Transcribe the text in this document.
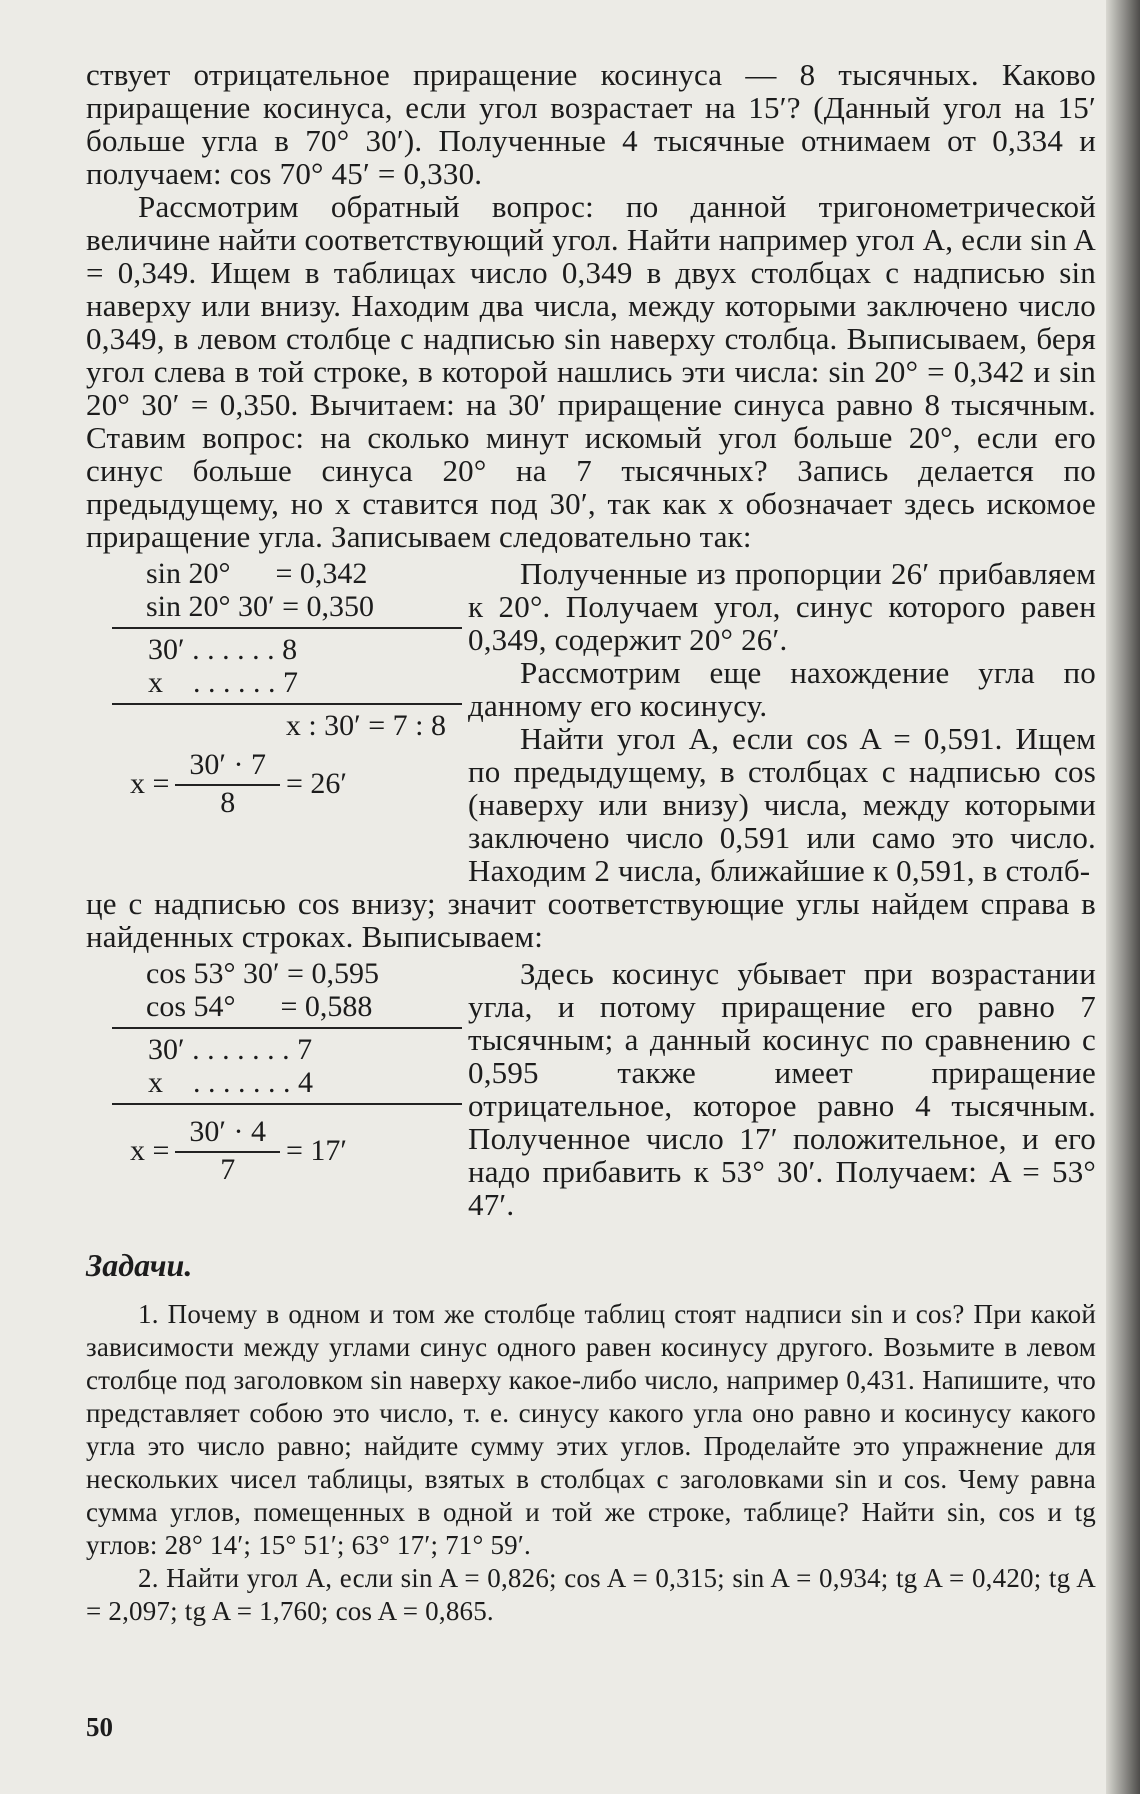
ствует отрицательное приращение косинуса — 8 тысячных. Каково приращение косинуса, если угол возрастает на 15′? (Данный угол на 15′ больше угла в 70° 30′). Полученные 4 тысячные отнимаем от 0,334 и получаем: cos 70° 45′ = 0,330.

Рассмотрим обратный вопрос: по данной тригонометрической величине найти соответствующий угол. Найти например угол A, если sin A = 0,349. Ищем в таблицах число 0,349 в двух столбцах с надписью sin наверху или внизу. Находим два числа, между которыми заключено число 0,349, в левом столбце с надписью sin наверху столбца. Выписываем, беря угол слева в той строке, в которой нашлись эти числа: sin 20° = 0,342 и sin 20° 30′ = 0,350. Вычитаем: на 30′ приращение синуса равно 8 тысячным. Ставим вопрос: на сколько минут искомый угол больше 20°, если его синус больше синуса 20° на 7 тысячных? Запись делается по предыдущему, но x ставится под 30′, так как x обозначает здесь искомое приращение угла. Записываем следовательно так:

sin 20°      = 0,342
sin 20° 30′ = 0,350
30′ . . . . . . 8
x    . . . . . . 7
x : 30′ = 7 : 8
$x = \frac{30' \cdot 7}{8} = 26'$

Полученные из пропорции 26′ прибавляем к 20°. Получаем угол, синус которого равен 0,349, содержит 20° 26′.

Рассмотрим еще нахождение угла по данному его косинусу.

Найти угол A, если cos A = 0,591. Ищем по предыдущему, в столбцах с надписью cos (наверху или внизу) числа, между которыми заключено число 0,591 или само это число. Находим 2 числа, ближайшие к 0,591, в столб-

це с надписью cos внизу; значит соответствующие углы найдем справа в найденных строках. Выписываем:

cos 53° 30′ = 0,595
cos 54°      = 0,588
30′ . . . . . . . 7
x    . . . . . . . 4
$x = \frac{30' \cdot 4}{7} = 17'$

Здесь косинус убывает при возрастании угла, и потому приращение его равно 7 тысячным; а данный косинус по сравнению с 0,595 также имеет приращение отрицательное, которое равно 4 тысячным. Полученное число 17′ положительное, и его надо прибавить к 53° 30′. Получаем: A = 53° 47′.

Задачи.

1. Почему в одном и том же столбце таблиц стоят надписи sin и cos? При какой зависимости между углами синус одного равен косинусу другого. Возьмите в левом столбце под заголовком sin наверху какое-либо число, например 0,431. Напишите, что представляет собою это число, т. е. синусу какого угла оно равно и косинусу какого угла это число равно; найдите сумму этих углов. Проделайте это упражнение для нескольких чисел таблицы, взятых в столбцах с заголовками sin и cos. Чему равна сумма углов, помещенных в одной и той же строке, таблице? Найти sin, cos и tg углов: 28° 14′; 15° 51′; 63° 17′; 71° 59′.

2. Найти угол A, если sin A = 0,826; cos A = 0,315; sin A = 0,934; tg A = 0,420; tg A = 2,097; tg A = 1,760; cos A = 0,865.

50
